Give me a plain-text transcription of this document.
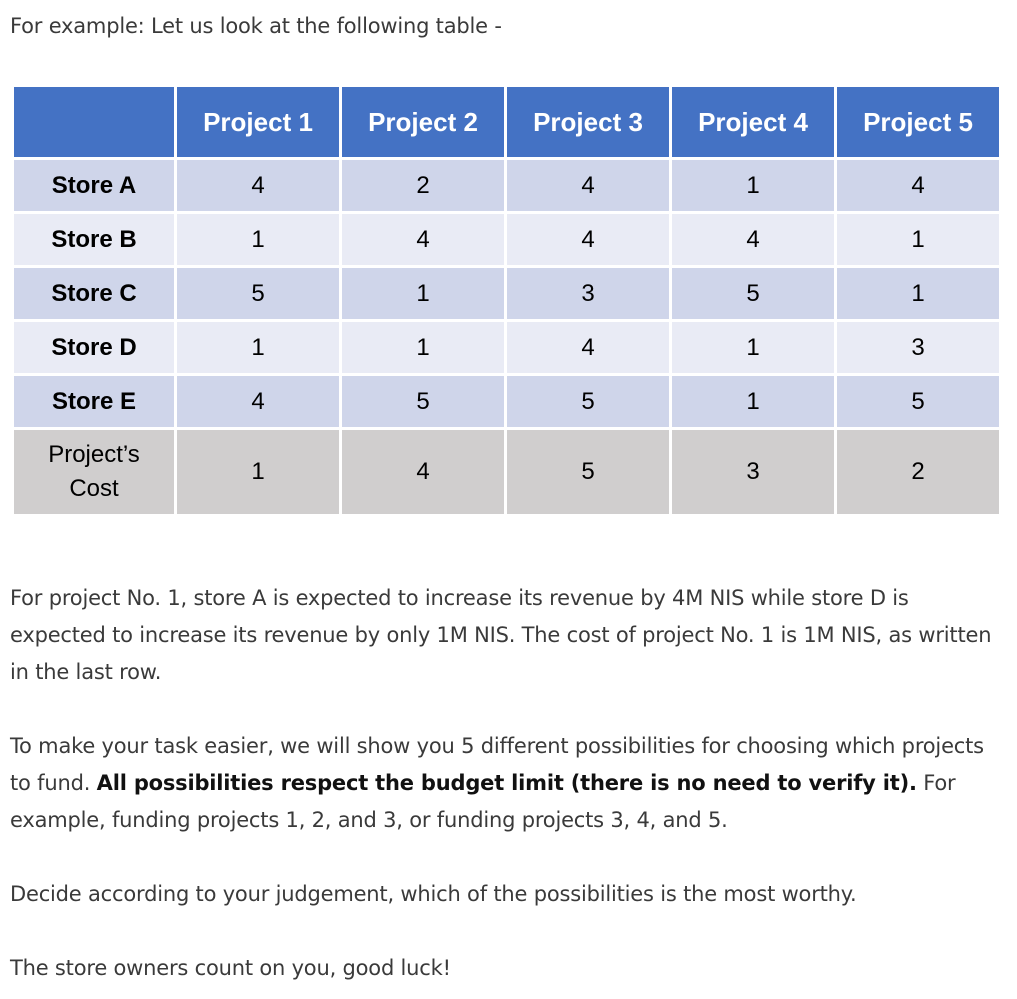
For example: Let us look at the following table -

	Project 1	Project 2	Project 3	Project 4	Project 5
Store A	4	2	4	1	4
Store B	1	4	4	4	1
Store C	5	1	3	5	1
Store D	1	1	4	1	3
Store E	4	5	5	1	5

Project’s
Cost	1	4	5	3	2

For project No. 1, store A is expected to increase its revenue by 4M NIS while store D is expected to increase its revenue by only 1M NIS. The cost of project No. 1 is 1M NIS, as written in the last row.

To make your task easier, we will show you 5 different possibilities for choosing which projects to fund. All possibilities respect the budget limit (there is no need to verify it). For example, funding projects 1, 2, and 3, or funding projects 3, 4, and 5.

Decide according to your judgement, which of the possibilities is the most worthy.

The store owners count on you, good luck!
